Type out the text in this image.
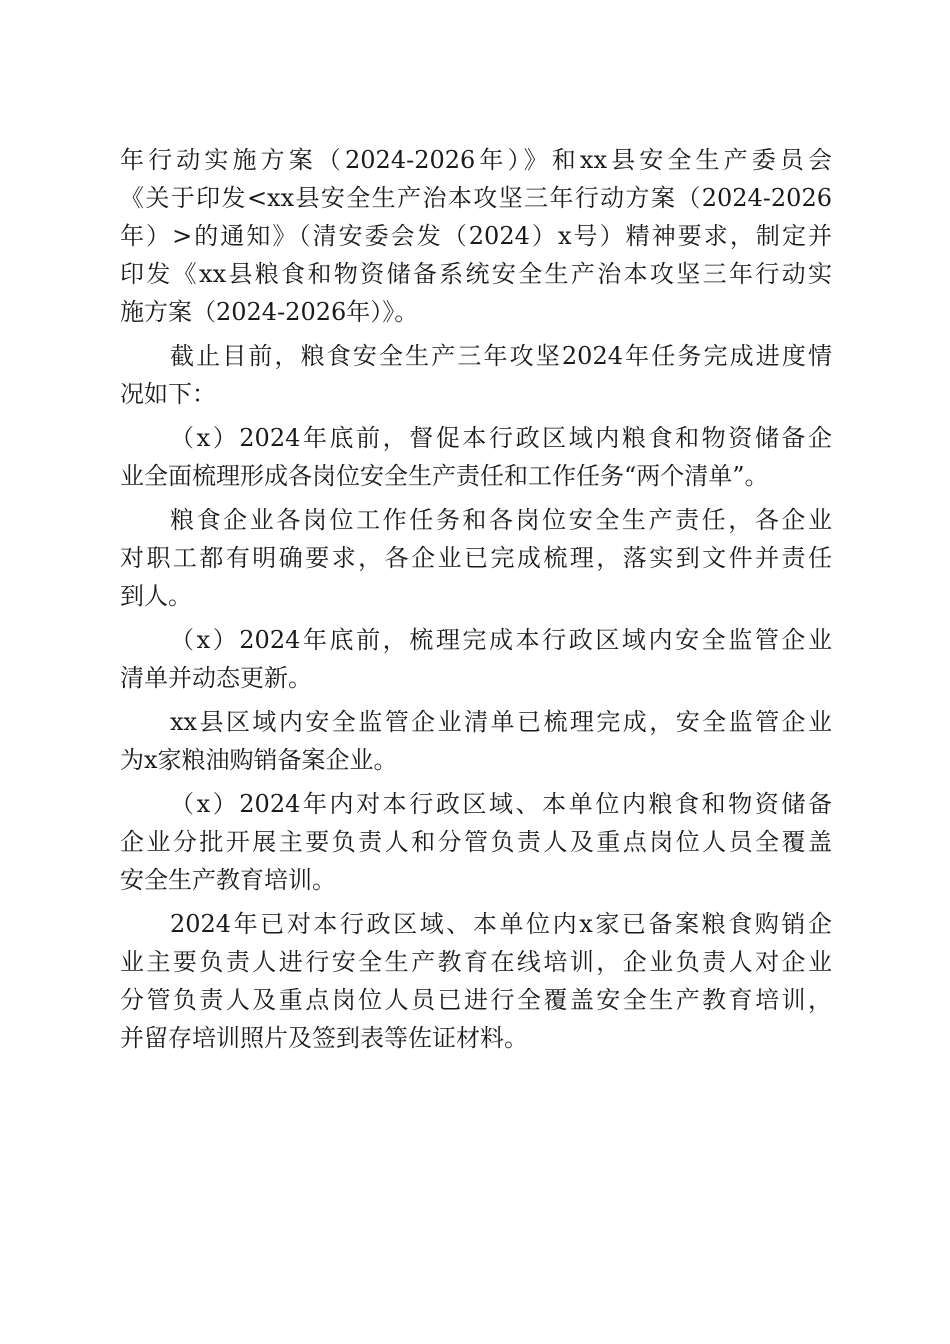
年行动实施方案（2024-2026年）》和xx县安全生产委员会
《关于印发<xx县安全生产治本攻坚三年行动方案（2024-2026
年）>的通知》（清安委会发（2024）x号）精神要求，制定并
印发《xx县粮食和物资储备系统安全生产治本攻坚三年行动实
施方案（2024-2026年）》。
截止目前，粮食安全生产三年攻坚2024年任务完成进度情
况如下：
（x）2024年底前，督促本行政区域内粮食和物资储备企
业全面梳理形成各岗位安全生产责任和工作任务“两个清单”。
粮食企业各岗位工作任务和各岗位安全生产责任，各企业
对职工都有明确要求，各企业已完成梳理，落实到文件并责任
到人。
（x）2024年底前，梳理完成本行政区域内安全监管企业
清单并动态更新。
xx县区域内安全监管企业清单已梳理完成，安全监管企业
为x家粮油购销备案企业。
（x）2024年内对本行政区域、本单位内粮食和物资储备
企业分批开展主要负责人和分管负责人及重点岗位人员全覆盖
安全生产教育培训。
2024年已对本行政区域、本单位内x家已备案粮食购销企
业主要负责人进行安全生产教育在线培训，企业负责人对企业
分管负责人及重点岗位人员已进行全覆盖安全生产教育培训，
并留存培训照片及签到表等佐证材料。
